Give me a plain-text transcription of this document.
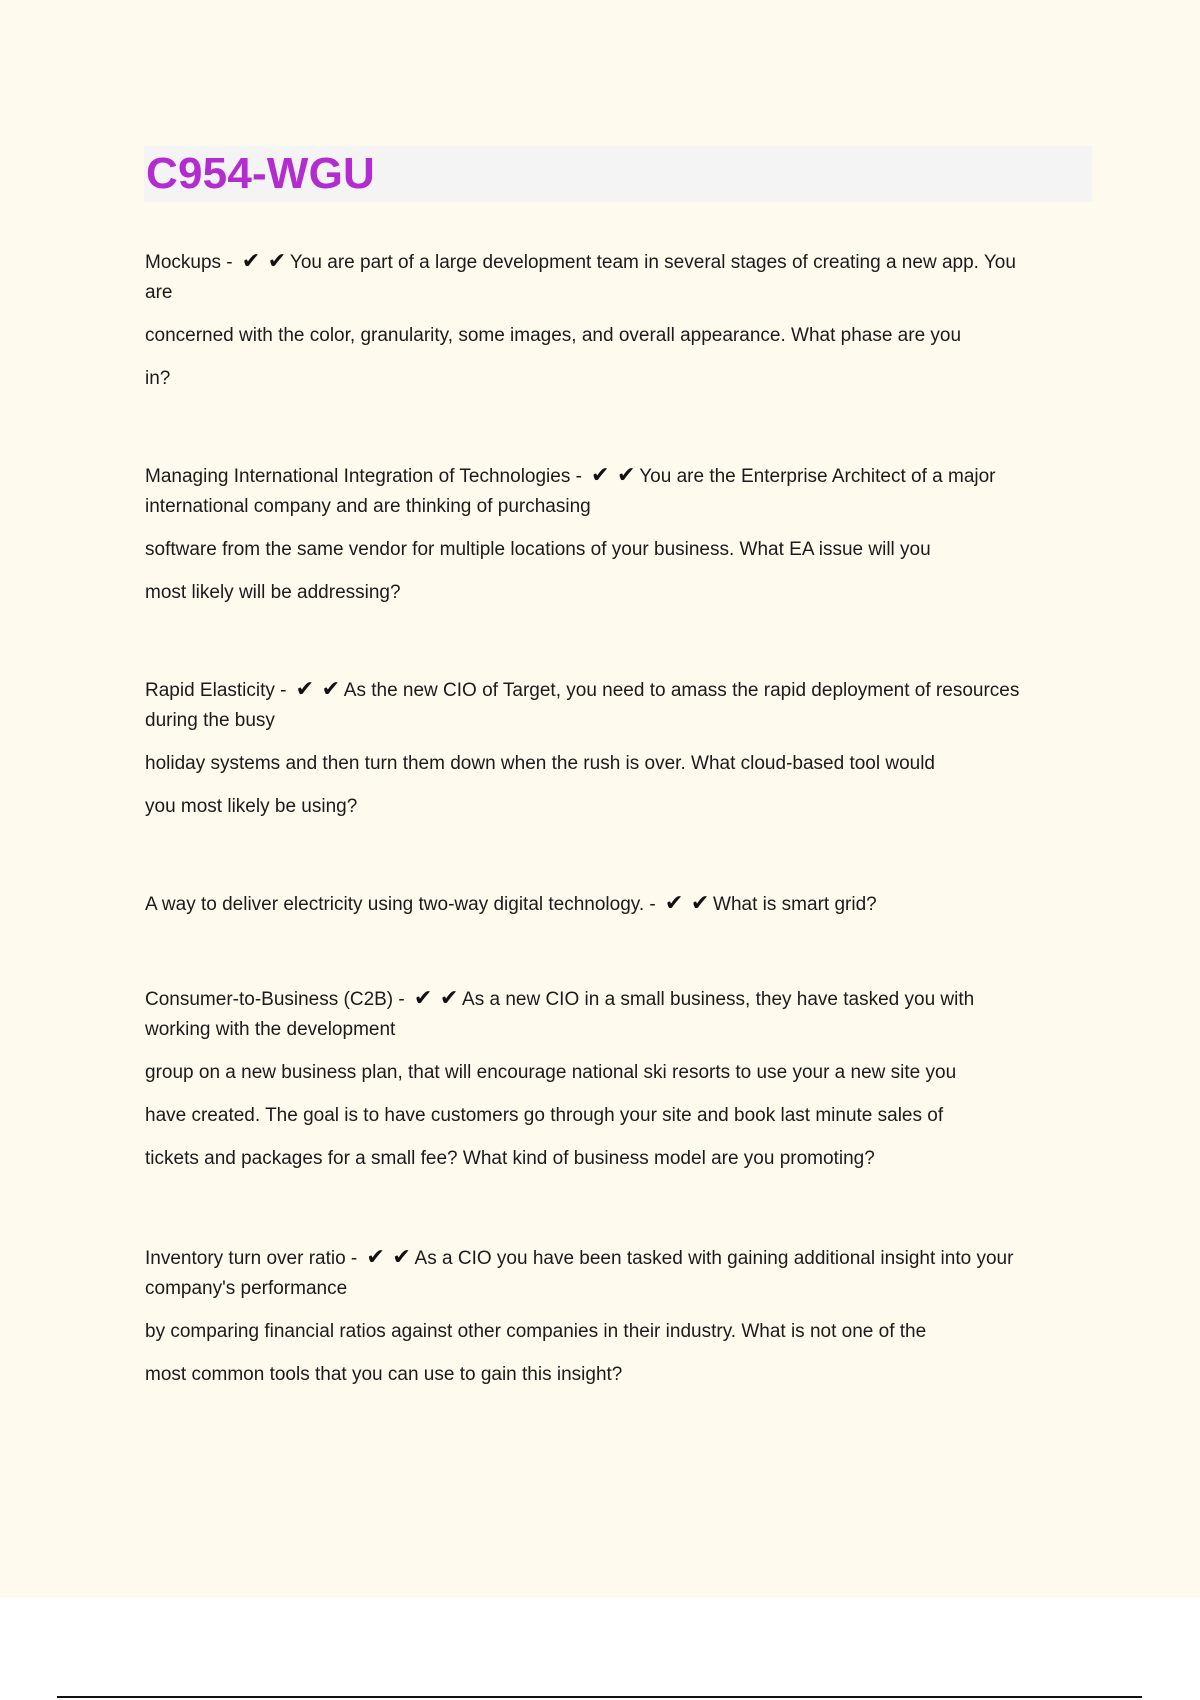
C954-WGU
Mockups - ✔ ✔ You are part of a large development team in several stages of creating a new app. You
are
concerned with the color, granularity, some images, and overall appearance. What phase are you
in?
Managing International Integration of Technologies - ✔ ✔ You are the Enterprise Architect of a major
international company and are thinking of purchasing
software from the same vendor for multiple locations of your business. What EA issue will you
most likely will be addressing?
Rapid Elasticity - ✔ ✔ As the new CIO of Target, you need to amass the rapid deployment of resources
during the busy
holiday systems and then turn them down when the rush is over. What cloud-based tool would
you most likely be using?
A way to deliver electricity using two-way digital technology. - ✔ ✔ What is smart grid?
Consumer-to-Business (C2B) - ✔ ✔ As a new CIO in a small business, they have tasked you with
working with the development
group on a new business plan, that will encourage national ski resorts to use your a new site you
have created. The goal is to have customers go through your site and book last minute sales of
tickets and packages for a small fee? What kind of business model are you promoting?
Inventory turn over ratio - ✔ ✔ As a CIO you have been tasked with gaining additional insight into your
company's performance
by comparing financial ratios against other companies in their industry. What is not one of the
most common tools that you can use to gain this insight?
